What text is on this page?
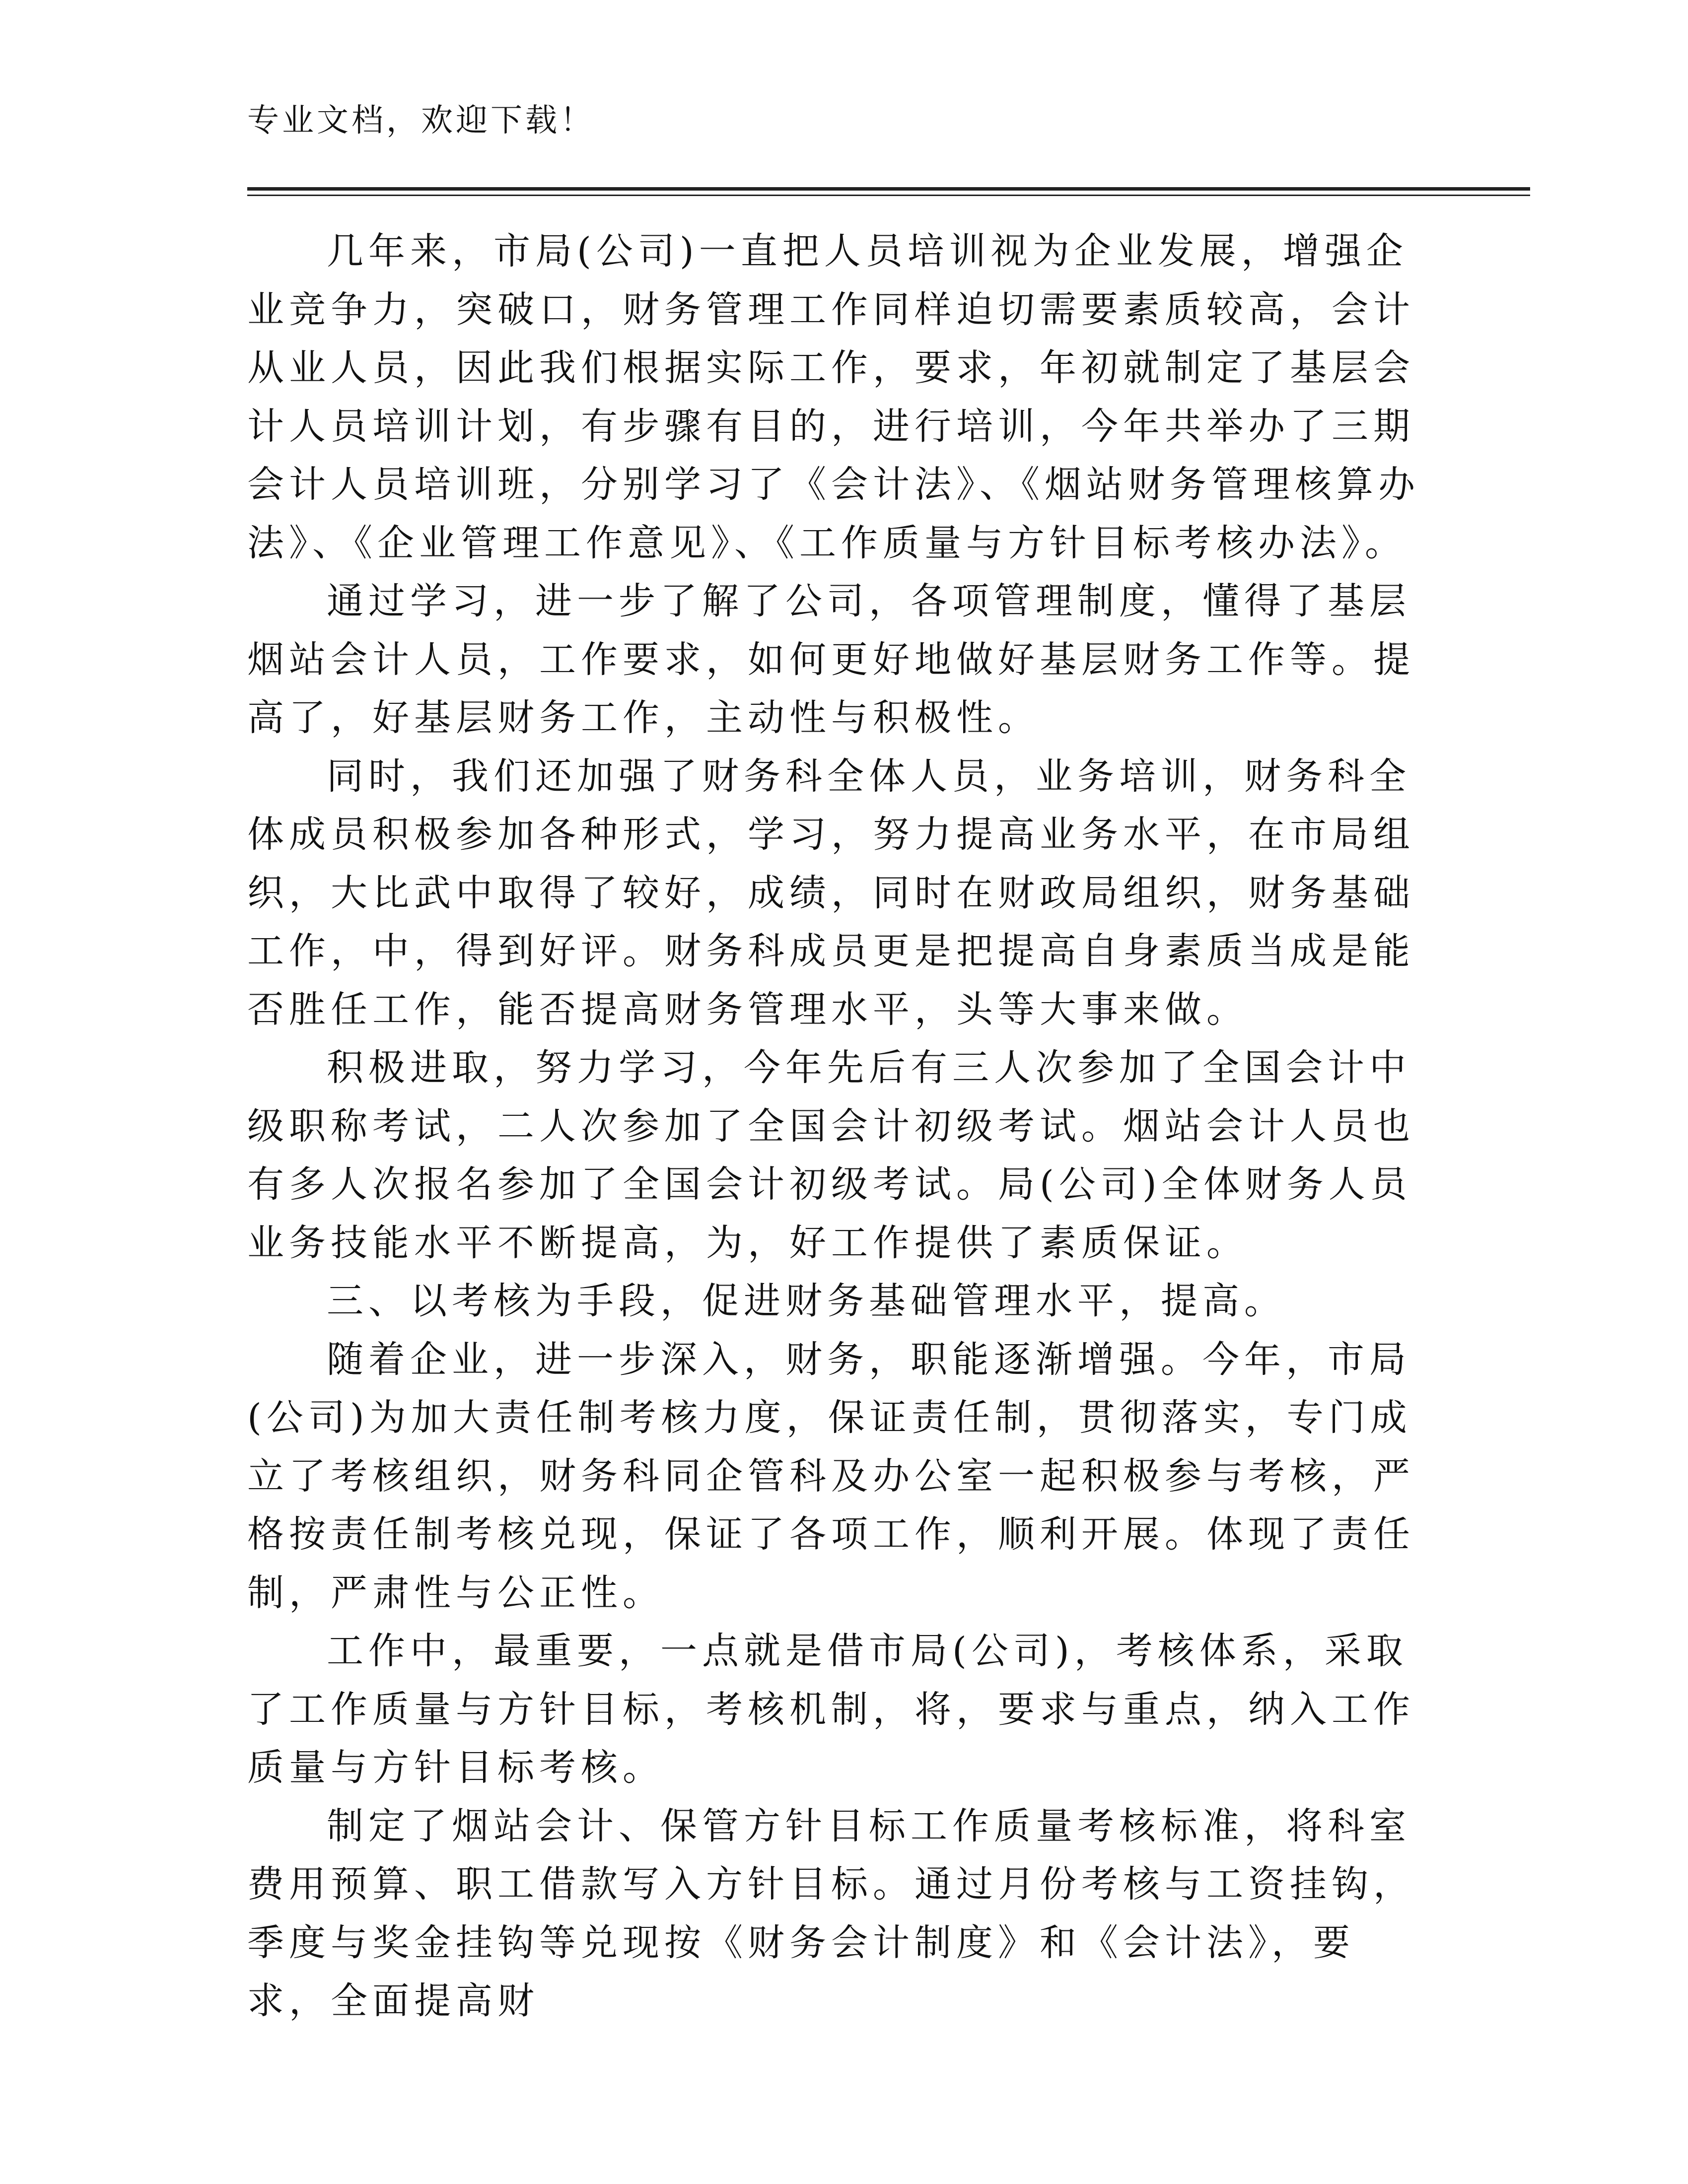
专业文档，欢迎下载！

几年来，市局(公司)一直把人员培训视为企业发展，增强企业竞争力，突破口，财务管理工作同样迫切需要素质较高，会计从业人员，因此我们根据实际工作，要求，年初就制定了基层会计人员培训计划，有步骤有目的，进行培训，今年共举办了三期会计人员培训班，分别学习了《会计法》、《烟站财务管理核算办法》、《企业管理工作意见》、《工作质量与方针目标考核办法》。

通过学习，进一步了解了公司，各项管理制度，懂得了基层烟站会计人员，工作要求，如何更好地做好基层财务工作等。提高了，好基层财务工作，主动性与积极性。

同时，我们还加强了财务科全体人员，业务培训，财务科全体成员积极参加各种形式，学习，努力提高业务水平，在市局组织，大比武中取得了较好，成绩，同时在财政局组织，财务基础工作，中，得到好评。财务科成员更是把提高自身素质当成是能否胜任工作，能否提高财务管理水平，头等大事来做。

积极进取，努力学习，今年先后有三人次参加了全国会计中级职称考试，二人次参加了全国会计初级考试。烟站会计人员也有多人次报名参加了全国会计初级考试。局(公司)全体财务人员业务技能水平不断提高，为，好工作提供了素质保证。

三、以考核为手段，促进财务基础管理水平，提高。

随着企业，进一步深入，财务，职能逐渐增强。今年，市局(公司)为加大责任制考核力度，保证责任制，贯彻落实，专门成立了考核组织，财务科同企管科及办公室一起积极参与考核，严格按责任制考核兑现，保证了各项工作，顺利开展。体现了责任制，严肃性与公正性。

工作中，最重要，一点就是借市局(公司)，考核体系，采取了工作质量与方针目标，考核机制，将，要求与重点，纳入工作质量与方针目标考核。

制定了烟站会计、保管方针目标工作质量考核标准，将科室费用预算、职工借款写入方针目标。通过月份考核与工资挂钩，季度与奖金挂钩等兑现按《财务会计制度》和《会计法》，要求，全面提高财
